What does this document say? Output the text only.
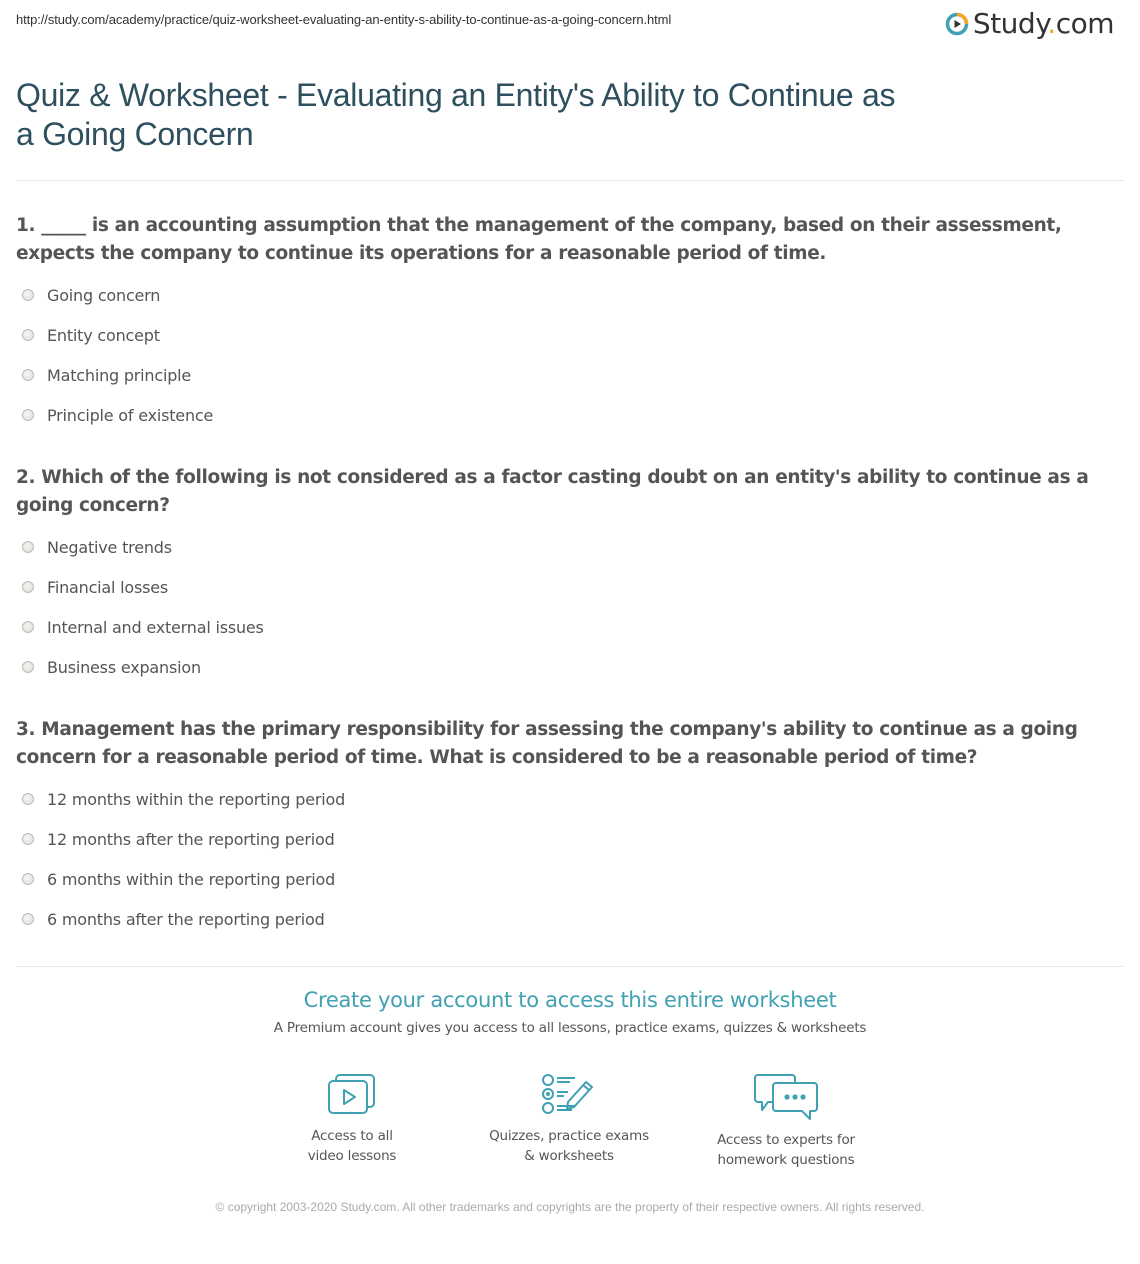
http://study.com/academy/practice/quiz-worksheet-evaluating-an-entity-s-ability-to-continue-as-a-going-concern.html	Study.com
Quiz & Worksheet - Evaluating an Entity's Ability to Continue as a Going Concern
1. _____ is an accounting assumption that the management of the company, based on their assessment, expects the company to continue its operations for a reasonable period of time.
Going concern
Entity concept
Matching principle
Principle of existence
2. Which of the following is not considered as a factor casting doubt on an entity's ability to continue as a going concern?
Negative trends
Financial losses
Internal and external issues
Business expansion
3. Management has the primary responsibility for assessing the company's ability to continue as a going concern for a reasonable period of time. What is considered to be a reasonable period of time?
12 months within the reporting period
12 months after the reporting period
6 months within the reporting period
6 months after the reporting period
Create your account to access this entire worksheet
A Premium account gives you access to all lessons, practice exams, quizzes & worksheets
Access to all
video lessons
Quizzes, practice exams
& worksheets
Access to experts for
homework questions
© copyright 2003-2020 Study.com. All other trademarks and copyrights are the property of their respective owners. All rights reserved.
